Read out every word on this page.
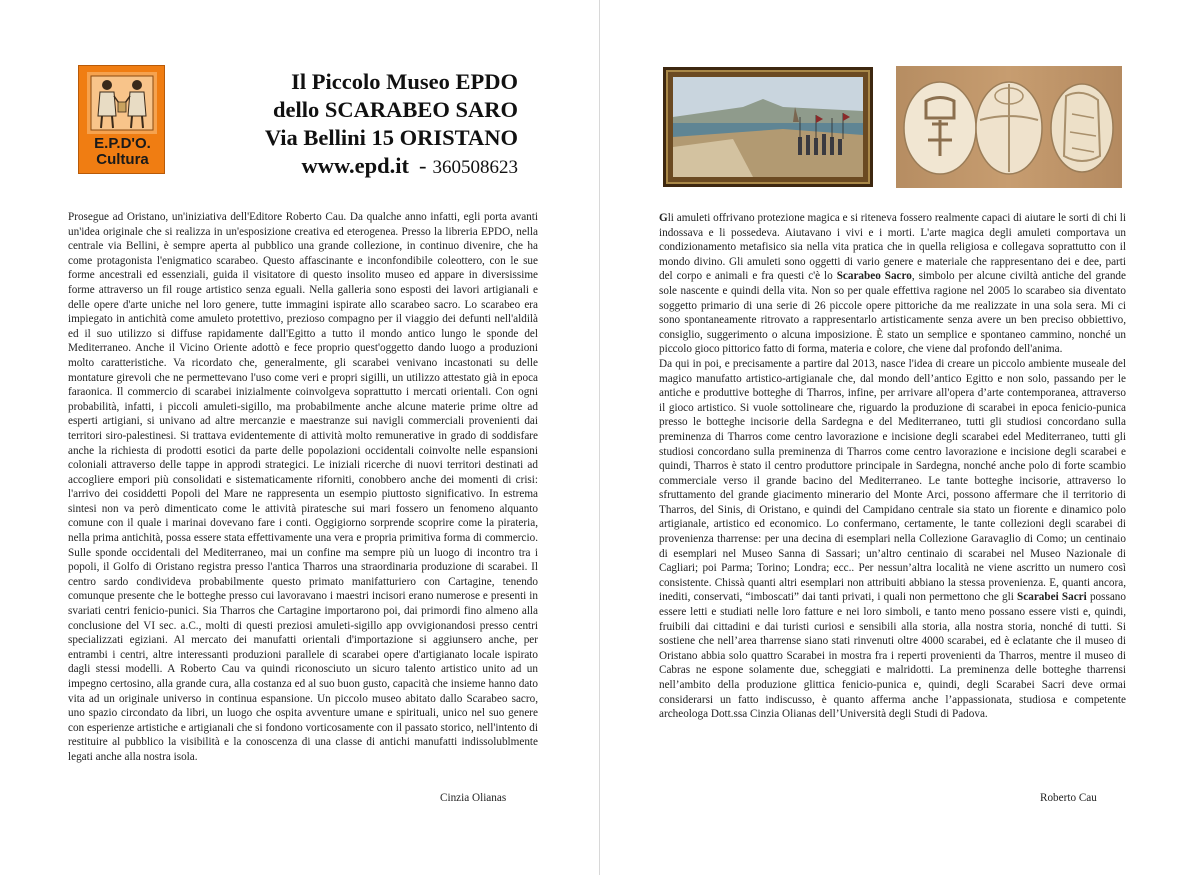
E.P.D'O.
Cultura
Il Piccolo Museo EPDO
dello SCARABEO SARO
Via Bellini 15 ORISTANO
www.epd.it - 360508623
Prosegue ad Oristano, un'iniziativa dell'Editore Roberto Cau. Da qualche anno infatti, egli porta avanti un'idea originale che si realizza in un'esposizione creativa ed eterogenea. Presso la libreria EPDO, nella centrale via Bellini, è sempre aperta al pubblico una grande collezione, in continuo divenire, che ha come protagonista l'enigmatico scarabeo. Questo affascinante e inconfondibile coleottero, con le sue forme ancestrali ed essenziali, guida il visitatore di questo insolito museo ed appare in diversissime forme attraverso un fil rouge artistico senza eguali. Nella galleria sono esposti dei lavori artigianali e delle opere d'arte uniche nel loro genere, tutte immagini ispirate allo scarabeo sacro. Lo scarabeo era impiegato in antichità come amuleto protettivo, prezioso compagno per il viaggio dei defunti nell'aldilà ed il suo utilizzo si diffuse rapidamente dall'Egitto a tutto il mondo antico lungo le sponde del Mediterraneo. Anche il Vicino Oriente adottò e fece proprio quest'oggetto dando luogo a produzioni molto caratteristiche. Va ricordato che, generalmente, gli scarabei venivano incastonati su delle montature girevoli che ne permettevano l'uso come veri e propri sigilli, un utilizzo attestato già in epoca faraonica. Il commercio di scarabei inizialmente coinvolgeva soprattutto i mercati orientali. Con ogni probabilità, infatti, i piccoli amuleti-sigillo, ma probabilmente anche alcune materie prime oltre ad esperti artigiani, si univano ad altre mercanzie e maestranze sui navigli commerciali provenienti dai territori siro-palestinesi. Si trattava evidentemente di attività molto remunerative in grado di soddisfare anche la richiesta di prodotti esotici da parte delle popolazioni occidentali coinvolte nelle espansioni coloniali attraverso delle tappe in approdi strategici. Le iniziali ricerche di nuovi territori destinati ad accogliere empori più consolidati e sistematicamente riforniti, conobbero anche dei momenti di crisi: l'arrivo dei cosiddetti Popoli del Mare ne rappresenta un esempio piuttosto significativo. In estrema sintesi non va però dimenticato come le attività piratesche sui mari fossero un fenomeno alquanto comune con il quale i marinai dovevano fare i conti. Oggigiorno sorprende scoprire come la pirateria, nella prima antichità, possa essere stata effettivamente una vera e propria primitiva forma di commercio. Sulle sponde occidentali del Mediterraneo, mai un confine ma sempre più un luogo di incontro tra i popoli, il Golfo di Oristano registra presso l'antica Tharros una straordinaria produzione di scarabei. Il centro sardo condivideva probabilmente questo primato manifatturiero con Cartagine, tenendo comunque presente che le botteghe presso cui lavoravano i maestri incisori erano numerose e presenti in svariati centri fenicio-punici. Sia Tharros che Cartagine importarono poi, dai primordi fino almeno alla conclusione del VI sec. a.C., molti di questi preziosi amuleti-sigillo app ovvigionandosi presso centri specializzati egiziani. Al mercato dei manufatti orientali d'importazione si aggiunsero anche, per entrambi i centri, altre interessanti produzioni parallele di scarabei opere d'artigianato locale ispirato dagli stessi modelli. A Roberto Cau va quindi riconosciuto un sicuro talento artistico unito ad un impegno certosino, alla grande cura, alla costanza ed al suo buon gusto, capacità che insieme hanno dato vita ad un originale universo in continua espansione. Un piccolo museo abitato dallo Scarabeo sacro, uno spazio circondato da libri, un luogo che ospita avventure umane e spirituali, unico nel suo genere con esperienze artistiche e artigianali che si fondono vorticosamente con il passato storico, nell'intento di restituire al pubblico la visibilità e la conoscenza di una classe di antichi manufatti indissolublmente legati anche alla nostra isola.
Cinzia Olianas

Gli amuleti offrivano protezione magica e si riteneva fossero realmente capaci di aiutare le sorti di chi li indossava e li possedeva. Aiutavano i vivi e i morti. L'arte magica degli amuleti comportava un condizionamento metafisico sia nella vita pratica che in quella religiosa e collegava soprattutto con il mondo divino. Gli amuleti sono oggetti di vario genere e materiale che rappresentano dei e dee, parti del corpo e animali e fra questi c'è lo Scarabeo Sacro, simbolo per alcune civiltà antiche del grande sole nascente e quindi della vita. Non so per quale effettiva ragione nel 2005 lo scarabeo sia diventato soggetto primario di una serie di 26 piccole opere pittoriche da me realizzate in una sola sera. Mi ci sono spontaneamente ritrovato a rappresentarlo artisticamente senza avere un ben preciso obbiettivo, consiglio, suggerimento o alcuna imposizione. È stato un semplice e spontaneo cammino, nonché un piccolo gioco pittorico fatto di forma, materia e colore, che viene dal profondo dell'anima.

Da qui in poi, e precisamente a partire dal 2013, nasce l'idea di creare un piccolo ambiente museale del magico manufatto artistico-artigianale che, dal mondo dell’antico Egitto e non solo, passando per le antiche e produttive botteghe di Tharros, infine, per arrivare all'opera d’arte contemporanea, attraverso il gioco artistico. Si vuole sottolineare che, riguardo la produzione di scarabei in epoca fenicio-punica presso le botteghe incisorie della Sardegna e del Mediterraneo, tutti gli studiosi concordano sulla preminenza di Tharros come centro lavorazione e incisione degli scarabei edel Mediterraneo, tutti gli studiosi concordano sulla preminenza di Tharros come centro lavorazione e incisione degli scarabei e quindi, Tharros è stato il centro produttore principale in Sardegna, nonché anche polo di forte scambio commerciale verso il grande bacino del Mediterraneo. Le tante botteghe incisorie, attraverso lo sfruttamento del grande giacimento minerario del Monte Arci, possono affermare che il territorio di Tharros, del Sinis, di Oristano, e quindi del Campidano centrale sia stato un fiorente e dinamico polo artigianale, artistico ed economico. Lo confermano, certamente, le tante collezioni degli scarabei di provenienza tharrense: per una decina di esemplari nella Collezione Garavaglio di Como; un centinaio di esemplari nel Museo Sanna di Sassari; un’altro centinaio di scarabei nel Museo Nazionale di Cagliari; poi Parma; Torino; Londra; ecc.. Per nessun’altra località ne viene ascritto un numero così consistente. Chissà quanti altri esemplari non attribuiti abbiano la stessa provenienza. E, quanti ancora, inediti, conservati, “imboscati” dai tanti privati, i quali non permettono che gli Scarabei Sacri possano essere letti e studiati nelle loro fatture e nei loro simboli, e tanto meno possano essere visti e, quindi, fruibili dai cittadini e dai turisti curiosi e sensibili alla storia, alla nostra storia, nonché di tutti. Si sostiene che nell’area tharrense siano stati rinvenuti oltre 4000 scarabei, ed è eclatante che il museo di Oristano abbia solo quattro Scarabei in mostra fra i reperti provenienti da Tharros, mentre il museo di Cabras ne espone solamente due, scheggiati e malridotti. La preminenza delle botteghe tharrensi nell’ambito della produzione glittica fenicio-punica e, quindi, degli Scarabei Sacri deve ormai considerarsi un fatto indiscusso, è quanto afferma anche l’appassionata, studiosa e competente archeologa Dott.ssa Cinzia Olianas dell’Università degli Studi di Padova.

Roberto Cau
